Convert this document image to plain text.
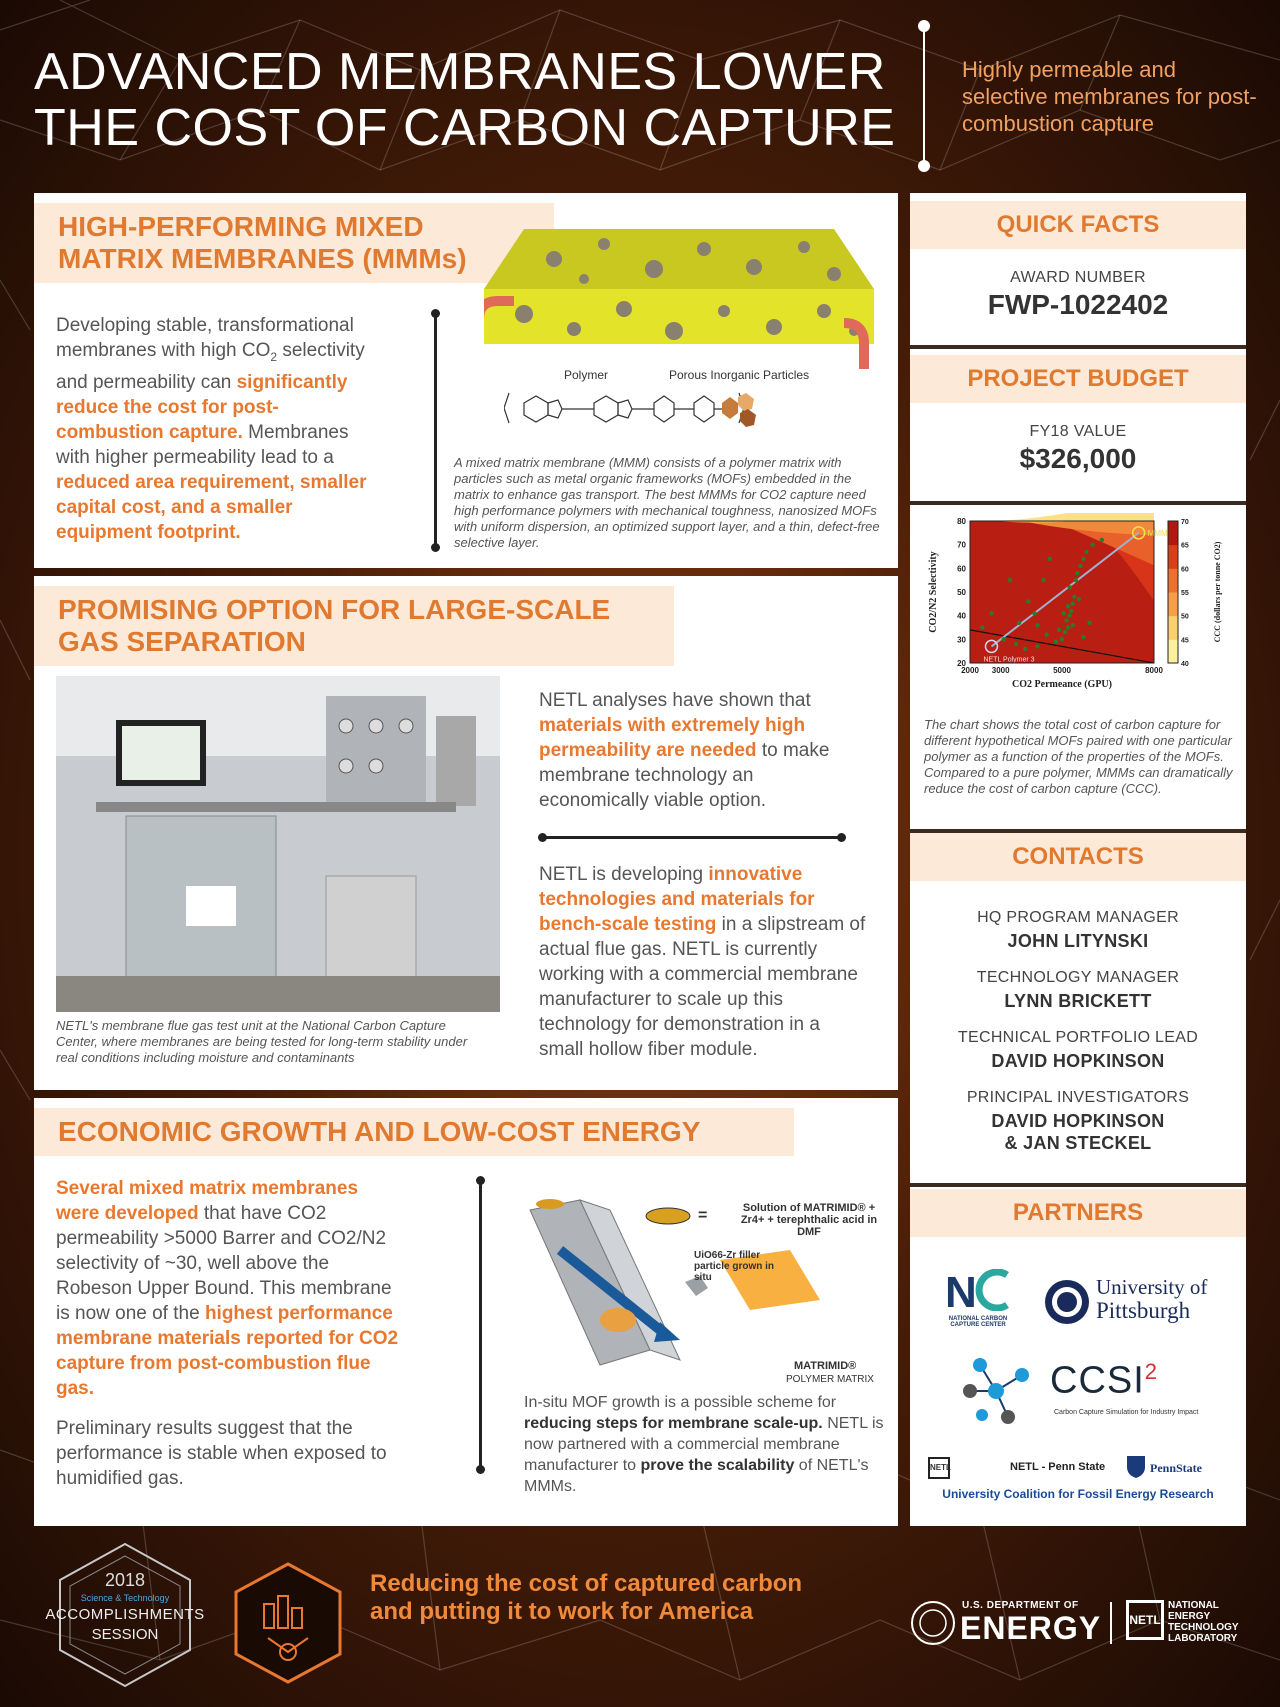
ADVANCED MEMBRANES LOWER
THE COST OF CARBON CAPTURE
Highly permeable and selective membranes for post-combustion capture
HIGH-PERFORMING MIXED
MATRIX MEMBRANES (MMMs)
Developing stable, transformational membranes with high $CO_2$ selectivity and permeability can significantly reduce the cost for post-combustion capture. Membranes with higher permeability lead to a reduced area requirement, smaller capital cost, and a smaller equipment footprint.
Polymer	Porous Inorganic Particles
A mixed matrix membrane (MMM) consists of a polymer matrix with particles such as metal organic frameworks (MOFs) embedded in the matrix to enhance gas transport. The best MMMs for CO2 capture need high performance polymers with mechanical toughness, nanosized MOFs with uniform dispersion, an optimized support layer, and a thin, defect-free selective layer.
PROMISING OPTION FOR LARGE-SCALE
GAS SEPARATION
NETL's membrane flue gas test unit at the National Carbon Capture Center, where membranes are being tested for long-term stability under real conditions including moisture and contaminants
NETL analyses have shown that materials with extremely high permeability are needed to make membrane technology an economically viable option.
NETL is developing innovative technologies and materials for bench-scale testing in a slipstream of actual flue gas. NETL is currently working with a commercial membrane manufacturer to scale up this technology for demonstration in a small hollow fiber module.
ECONOMIC GROWTH AND LOW-COST ENERGY
Several mixed matrix membranes were developed that have CO2 permeability >5000 Barrer and CO2/N2 selectivity of ~30, well above the Robeson Upper Bound. This membrane is now one of the highest performance membrane materials reported for CO2 capture from post-combustion flue gas.
Preliminary results suggest that the performance is stable when exposed to humidified gas.
=	Solution of MATRIMID® + Zr4+ + terephthalic acid in DMF
UiO66-Zr filler particle grown in situ
MATRIMID®
POLYMER MATRIX
In-situ MOF growth is a possible scheme for reducing steps for membrane scale-up. NETL is now partnered with a commercial membrane manufacturer to prove the scalability of NETL's MMMs.
QUICK FACTS
AWARD NUMBER
FWP-1022402
PROJECT BUDGET
FY18 VALUE
$326,000
MMM
NETL Polymer 3
2000 3000	5000	8000
20
30
40
50
60
70
80
CO2 Permeance (GPU)
CO2/N2 Selectivity
40
45
50
55
60
65
70
CCC (dollars per tonne CO2)
The chart shows the total cost of carbon capture for different hypothetical MOFs paired with one particular polymer as a function of the properties of the MOFs. Compared to a pure polymer, MMMs can dramatically reduce the cost of carbon capture (CCC).
CONTACTS
HQ PROGRAM MANAGER
JOHN LITYNSKI
TECHNOLOGY MANAGER
LYNN BRICKETT
TECHNICAL PORTFOLIO LEAD
DAVID HOPKINSON
PRINCIPAL INVESTIGATORS
DAVID HOPKINSON
& JAN STECKEL
PARTNERS
N
NATIONAL CARBON
CAPTURE CENTER
University of
Pittsburgh
CCSI$^2$
Carbon Capture Simulation for Industry Impact
NETL	NETL - Penn State	PennState
University Coalition for Fossil Energy Research
2018
Science & Technology
ACCOMPLISHMENTS
SESSION
Reducing the cost of captured carbon and putting it to work for America	U.S. DEPARTMENT OF
ENERGY NETL
NATIONAL
ENERGY
TECHNOLOGY
LABORATORY
